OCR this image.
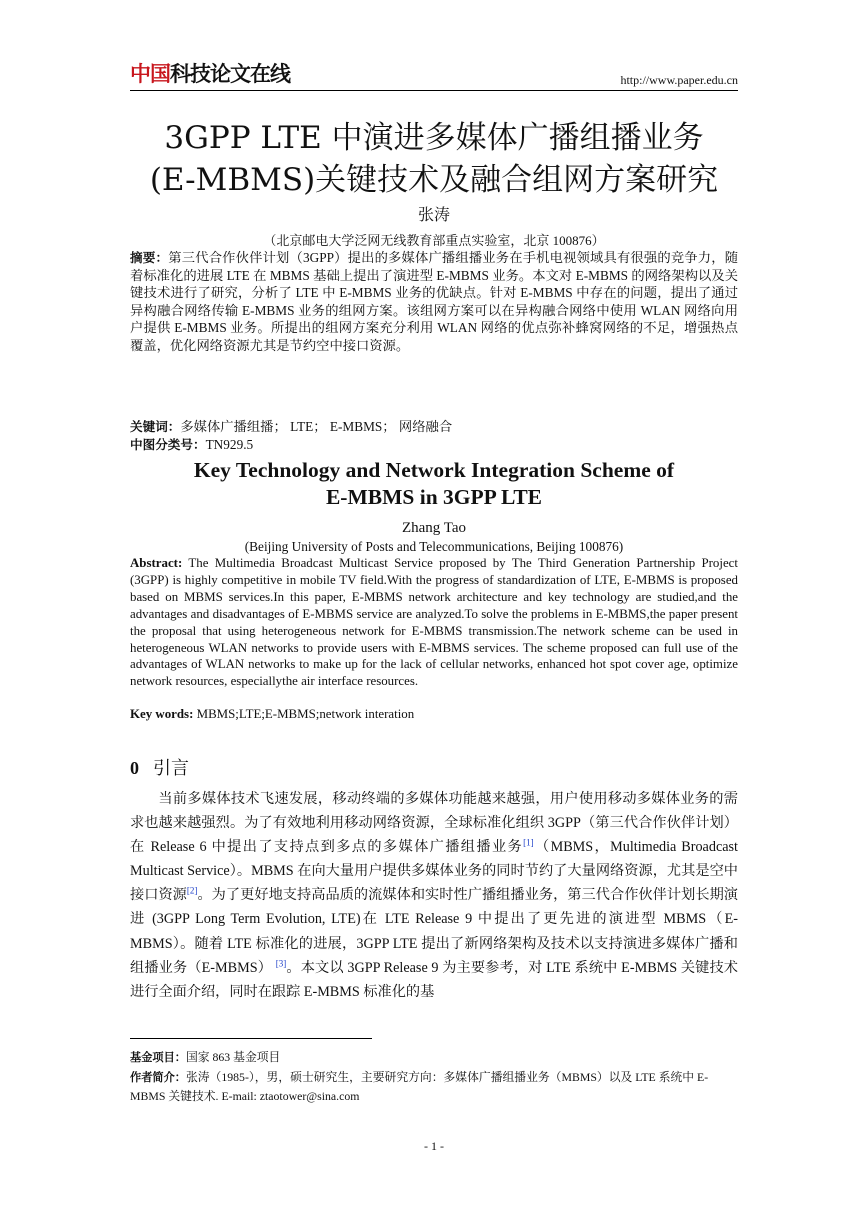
中国科技论文在线	http://www.paper.edu.cn
3GPP LTE 中演进多媒体广播组播业务
(E-MBMS)关键技术及融合组网方案研究
张涛
（北京邮电大学泛网无线教育部重点实验室，北京 100876）
摘要：第三代合作伙伴计划（3GPP）提出的多媒体广播组播业务在手机电视领域具有很强的竞争力，随着标准化的进展 LTE 在 MBMS 基础上提出了演进型 E-MBMS 业务。本文对 E-MBMS 的网络架构以及关键技术进行了研究，分析了 LTE 中 E-MBMS 业务的优缺点。针对 E-MBMS 中存在的问题，提出了通过异构融合网络传输 E-MBMS 业务的组网方案。该组网方案可以在异构融合网络中使用 WLAN 网络向用户提供 E-MBMS 业务。所提出的组网方案充分利用 WLAN 网络的优点弥补蜂窝网络的不足，增强热点覆盖，优化网络资源尤其是节约空中接口资源。
关键词：多媒体广播组播； LTE； E-MBMS； 网络融合
中图分类号：TN929.5
Key Technology and Network Integration Scheme of
E-MBMS in 3GPP LTE
Zhang Tao
(Beijing University of Posts and Telecommunications, Beijing 100876)
Abstract: The Multimedia Broadcast Multicast Service proposed by The Third Generation Partnership Project (3GPP) is highly competitive in mobile TV field.With the progress of standardization of LTE, E-MBMS is proposed based on MBMS services.In this paper, E-MBMS network architecture and key technology are studied,and the advantages and disadvantages of E-MBMS service are analyzed.To solve the problems in E-MBMS,the paper present the proposal that using heterogeneous network for E-MBMS transmission.The network scheme can be used in heterogeneous WLAN networks to provide users with E-MBMS services. The scheme proposed can full use of the advantages of WLAN networks to make up for the lack of cellular networks, enhanced hot spot cover age, optimize network resources, especiallythe air interface resources.
Key words: MBMS;LTE;E-MBMS;network interation
0 引言
当前多媒体技术飞速发展，移动终端的多媒体功能越来越强，用户使用移动多媒体业务的需求也越来越强烈。为了有效地利用移动网络资源，全球标准化组织 3GPP（第三代合作伙伴计划）在 Release 6 中提出了支持点到多点的多媒体广播组播业务[1]（MBMS，Multimedia Broadcast Multicast Service）。MBMS 在向大量用户提供多媒体业务的同时节约了大量网络资源，尤其是空中接口资源[2]。为了更好地支持高品质的流媒体和实时性广播组播业务，第三代合作伙伴计划长期演进 (3GPP Long Term Evolution, LTE)在 LTE Release 9 中提出了更先进的演进型 MBMS（E-MBMS）。随着 LTE 标准化的进展，3GPP LTE 提出了新网络架构及技术以支持演进多媒体广播和组播业务（E-MBMS） [3]。本文以 3GPP Release 9 为主要参考，对 LTE 系统中 E-MBMS 关键技术进行全面介绍，同时在跟踪 E-MBMS 标准化的基
基金项目：国家 863 基金项目
作者简介：张涛（1985-），男，硕士研究生，主要研究方向：多媒体广播组播业务（MBMS）以及 LTE 系统中 E-MBMS 关键技术. E-mail: ztaotower@sina.com
- 1 -
